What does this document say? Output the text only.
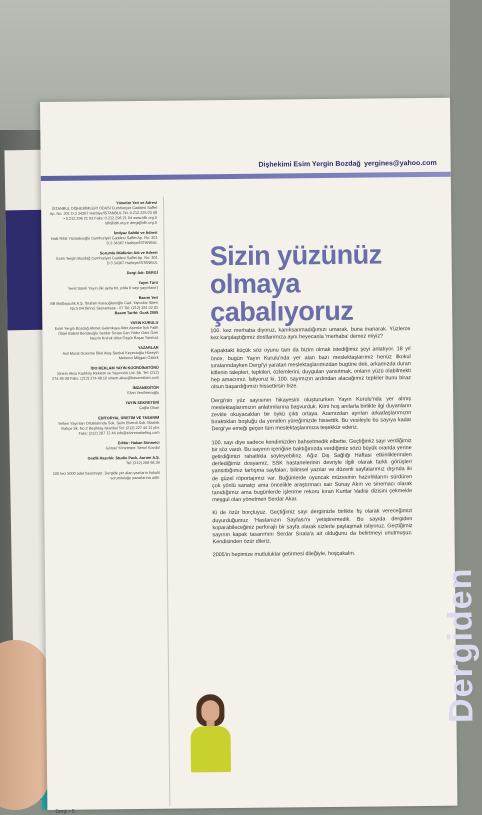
Dişhekimi Esim Yergin Bozdağ yergines@yahoo.com
Yönetim Yeri ve Adresi
İSTANBUL DİŞHEKİMLERİ ODASI Cumhuriyet Caddesi Saffet Ap. No: 301 D:3 34367 Harbiye/İSTANBUL Tel: 0.212.225 03 68 • 0.212.296 21 03 Faks: 0.212.296 21 04 www.idh.org.tr idh@idh.org.tr dergi@idh.org.tr
İmtiyaz Sahibi ve Adresi
Halit Rıfat Yüzüaksoğlu Cumhuriyet Caddesi Saffet Ap. No: 301 D:3 34367 Harbiye/İSTANBUL
Sorumlu Müdürün Adı ve Adresi
Esim Yergin Bozdağ Cumhuriyet Caddesi Saffet Ap. No: 301 D:3 34367 Harbiye/İSTANBUL
Dergi Adı: DERGİ
Yayın Türü
Yerel Süreli Yayın (iki ayda bir, yılda 6 sayı yayınlanır)
Basım Yeri
BB Matbaacılık A.Ş. İbrahim Karaoğlanoğlu Cad. Yapıcılar Sitesi No:5 B4 Birinci Seyrantepe - 07 Tel: (212) 281 02 81
Basım Tarihi: Ocak 2005
YAYIN KURULU
Esim Yergin Bozdağ Ahmet Gelenkaya Aiter Aşenkir Işık Fatih Öktel Bülent Bendeoğlu Serdar Sırala Can Yıldız Gani Özer Nesrin Kıvrak Utka Özgür Başar Yanmaz
YAZARLAR
Asil Murat Güzeme Bilal Ataş Şenkal Keçecioğlu Hüseyin Mekenci Müjgan Öztürk
İDO REKLAM YAYIN KOORDİNATÖRÜ
Sinem Aksu Kadıköy Reklam ve Yayıncılık Ltd. Şti. Tel: (212) 274 48 08 Faks: (212) 274 48 10 sinem.aksu@kasoreklam.com
İMZANEDİTÖR
Elvin Yenilmezoğlu
YAYIN SEKRETERİ
Çağla Okan
EDİTORYAL ÜRETİM VE TASARIM
Yelken Yayınları Ortaklarında Sok. Selin Elverdi Sok. Maslak Bahçe Sk. No:2 Beşiktaş-İstanbul Tel: (212) 227 44 11 pbx Faks: (212) 287 72 44 info@elvinmarketing.com
Editör: Hakan Sünnetci
Görsel Yönetmen: Senol Kovdal
Grafik Hazırlık: Studio Pack, Aurum A.Ş.
Tel: (212) 268 98 39
100 kez 5000 adet basılmıştır. Dergide yer alan yazıların hukuki sorumluluğu yazarlarına aittir.
Dergi • 5
Sizin yüzünüz
olmaya çabalıyoruz

100. kez merhaba diyoruz, kanıksanmadığımızı umarak, buna inanarak. Yüzlerce kez karşılaştığımız dostlarımıza aynı heyecanla 'merhaba' demez miyiz?

Kapaktaki küçük söz oyunu tam da bizim olmak istediğimiz şeyi anlatıyor. 18 yıl önce, bugün Yayın Kurulu'nda yer alan bazı meslektaşlarımız henüz ilkokul sıralarındayken Dergi'yi yaratan meslektaşlarımızdan bugüne dek, arkamızda duran kitlenin talepleri, tepkileri, özlemlerini, duyguları yansıtmak, onların yüzü olabilmekti hep amacımız. İstiyoruz ki, 100. sayımızın ardından alacağımız tepkiler bunu biraz olsun başardığımızı hissettirsin bize.

Dergi'nin yüz sayısının hikayesini oluştururken Yayın Kurulu'nda yer almış meslektaşlarımızın anlatımlarına başvurduk. Kimi hoş anılarla birlikte ilgi duyanların zevkle okuyacakları bir öykü çıktı ortaya. Aramızdan ayrılan arkadaşlarımızın bıraktıkları boşluğu da yeniden yüreğimizde hissettik. Bu vesileyle bu sayıya kadar Dergi'ye emeği geçen tüm meslektaşlarımıza teşekkür ederiz.

100. sayı diye sadece kendimizden bahsetmedik elbette. Geçtiğimiz sayı verdiğimiz bir söz vardı. Bu sayının içeriğine baktığınızda verdiğimiz sözü büyük oranda yerine getirdiğimizi rahatlıkla söyleyebiliriz. Ağız Diş Sağlığı Haftası etkinliklerinden derlediğimiz dosyamız, SSK hastanelerinin devriyle ilgili olarak farklı görüşleri yansıttığımız tartışma sayfaları, bilimsel yazılar ve düzenli sayfalarımız dışında iki de güzel röportajımız var. Buğünlerde oyuncak müzesinin hazırlıklarını sürdüren çok yönlü sanatçı ama öncelikle araştırmacı sair Sunay Akın ve sinemacı olarak tanıdığımız ama bugünlerde işlenme rekoru kıran Kurtlar Vadisi dizisini çekmekle meşgul olan yönetmen Serdar Akar.

Ki de özür borçluyuz. Geçtiğimiz sayı dergimizle birlikte fiş olarak vereceğimizi duyurduğumuz 'Hastanızın Sayfası'nı yetiştiremedik. Bu sayıda dergiden koparabileceğiniz perforajlı bir sayfa olarak sizlerle paylaşmak istiyoruz. Geçtiğimiz sayının kapak tasarımını Serdar Sırala'a ait olduğunu da belirtmeyi unutmuşuz. Kendisinden özür dileriz.

2005'in hepimize mutluluklar getirmesi dileğiyle, hoşçakalın.

Dergiden
